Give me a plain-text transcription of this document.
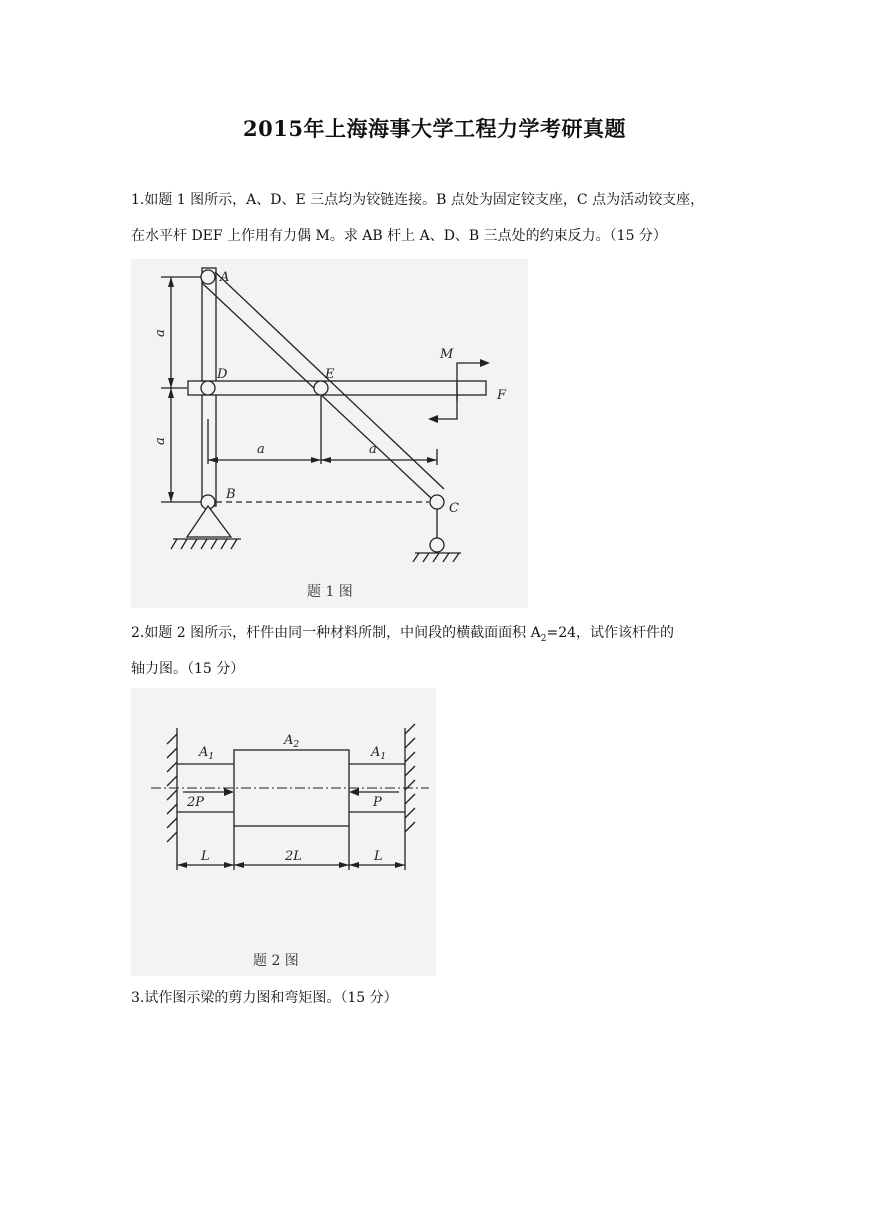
2015年上海海事大学工程力学考研真题
1.如题 1 图所示，A、D、E 三点均为铰链连接。B 点处为固定铰支座，C 点为活动铰支座，
在水平杆 DEF 上作用有力偶 M。求 AB 杆上 A、D、B 三点处的约束反力。（15 分）
A
D	E
B
C
F
M
a
a
a	a
题 1 图
2.如题 2 图所示，杆件由同一种材料所制，中间段的横截面面积 $A_2=24$，试作该杆件的
轴力图。（15 分）
$A_1$
$A_2$	$A_1$
2P	P
L	2L	L
题 2 图
3.试作图示梁的剪力图和弯矩图。（15 分）
